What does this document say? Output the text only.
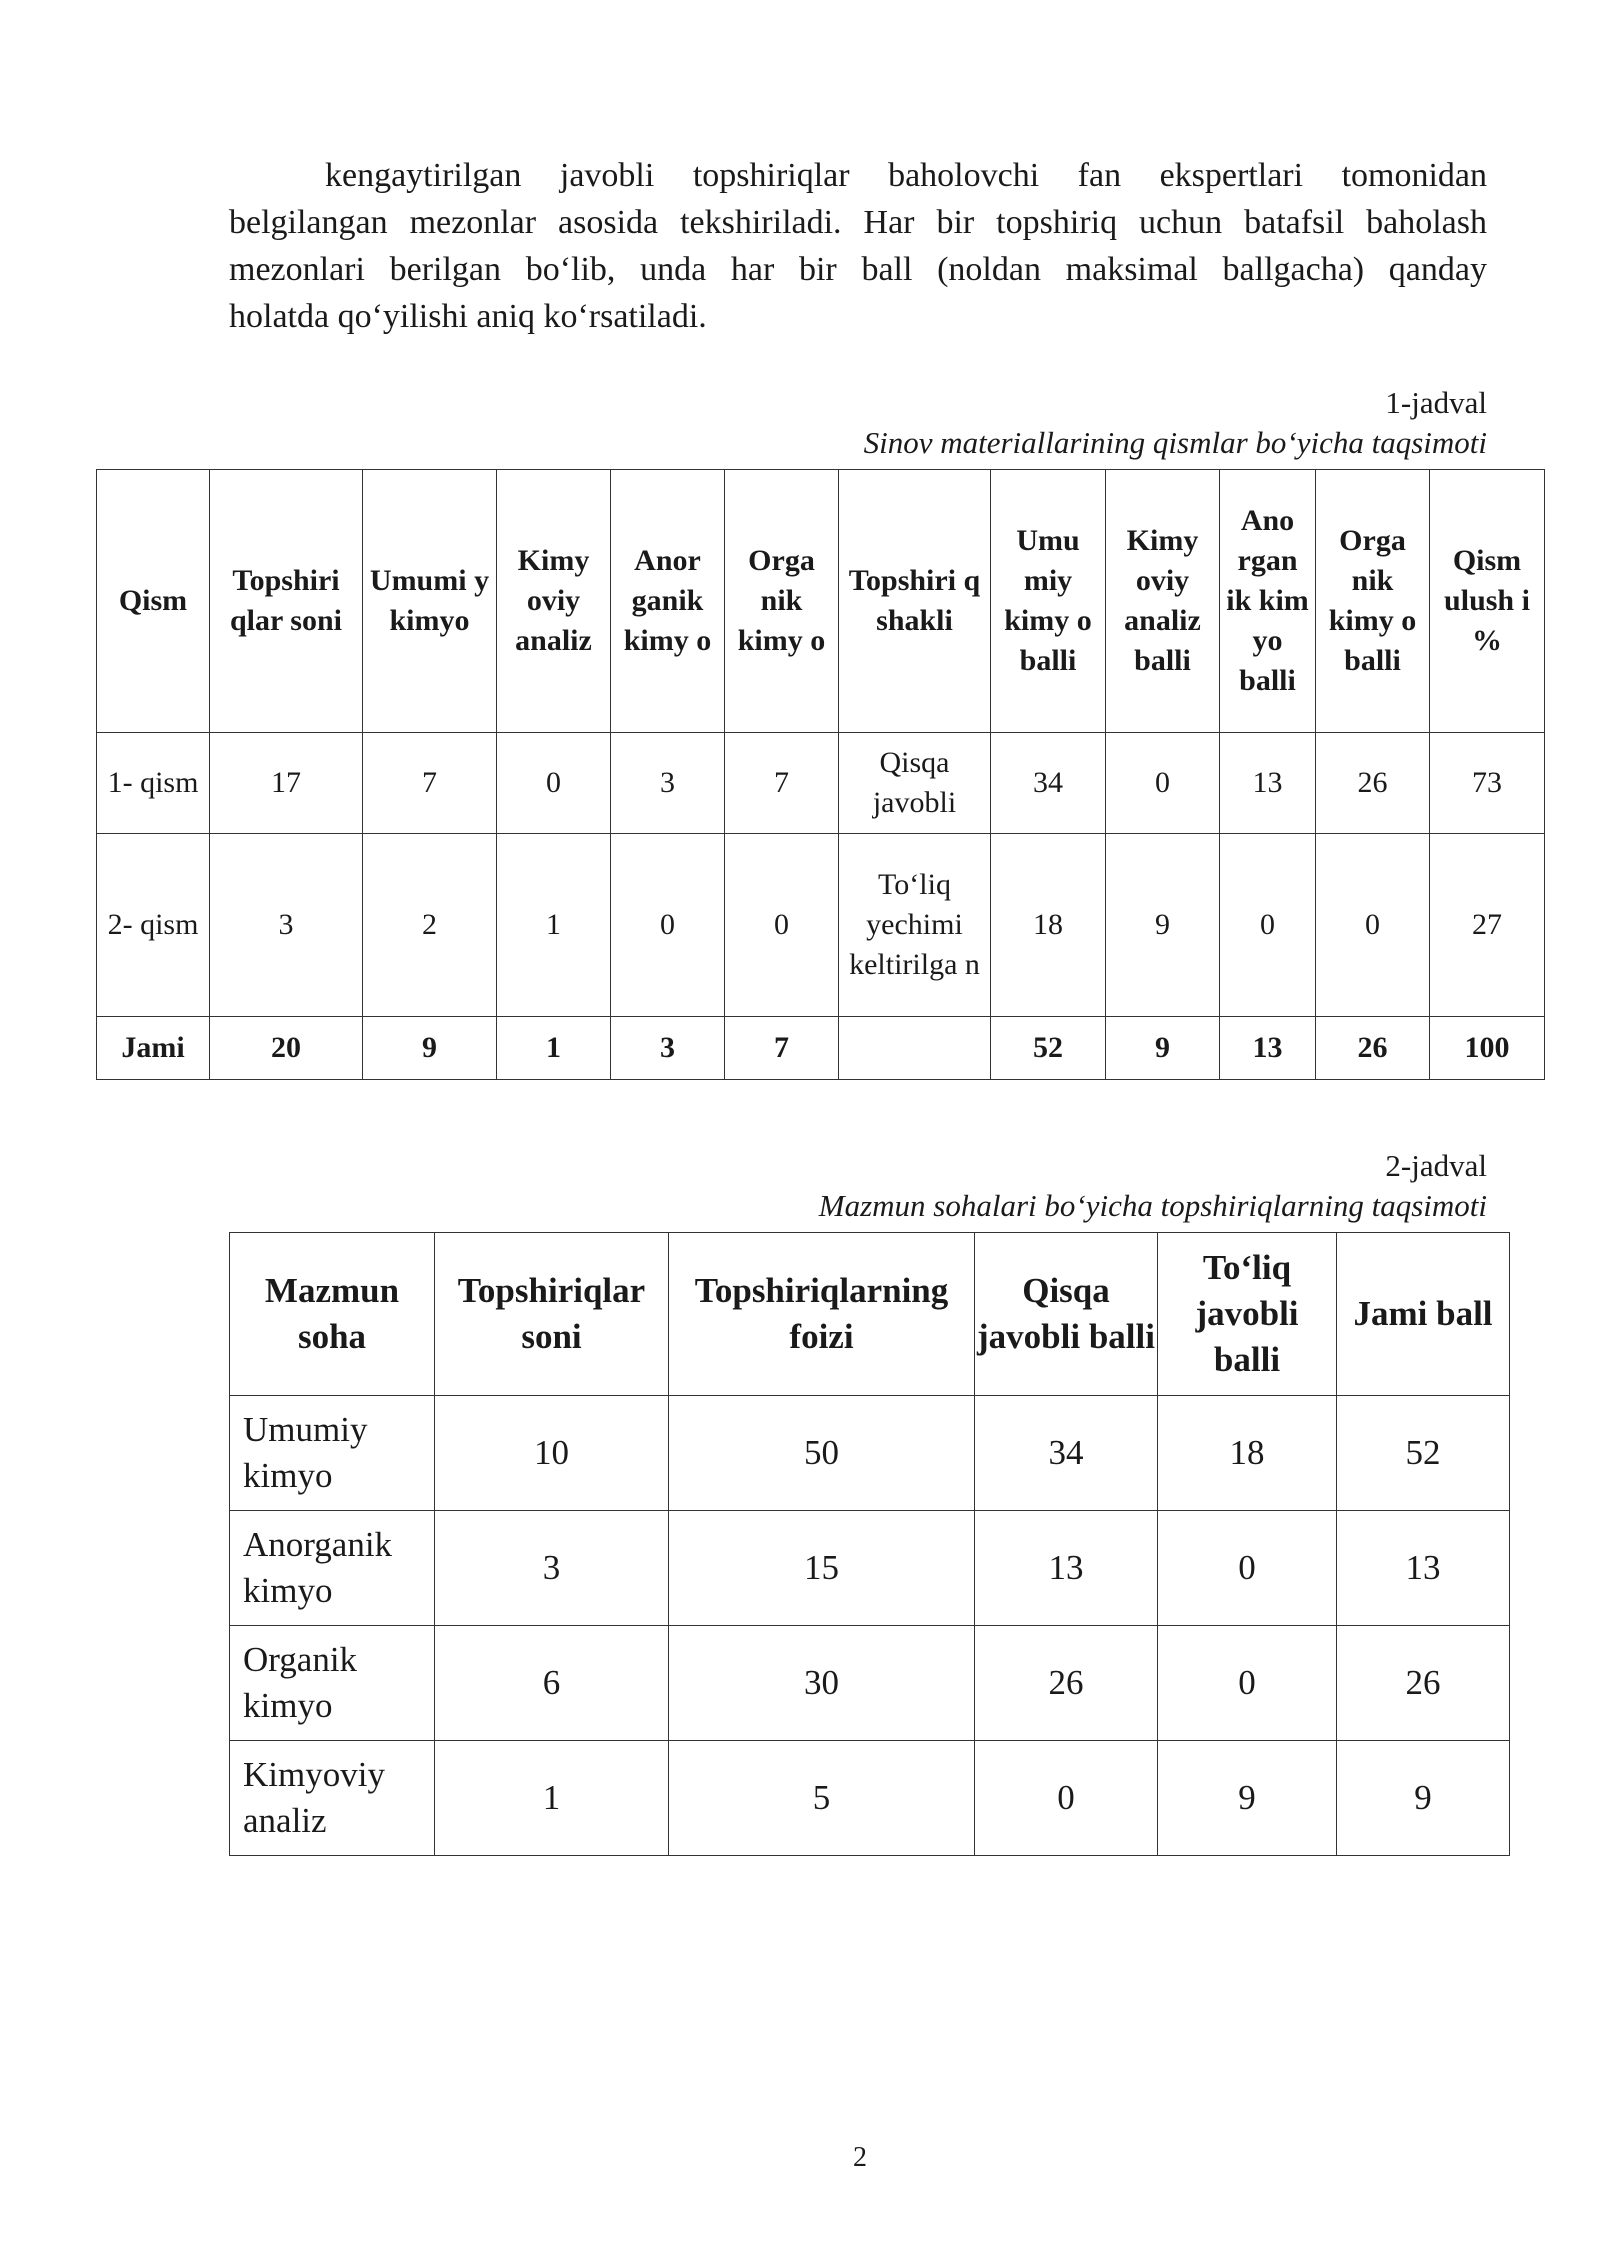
kengaytirilgan javobli topshiriqlar baholovchi fan ekspertlari tomonidan
belgilangan mezonlar asosida tekshiriladi. Har bir topshiriq uchun batafsil baholash
mezonlari berilgan bo‘lib, unda har bir ball (noldan maksimal ballgacha) qanday
holatda qo‘yilishi aniq ko‘rsatiladi.
1-jadval
Sinov materiallarining qismlar bo‘yicha taqsimoti
Qism	Topshiri qlar soni	Umumi y kimyo	Kimy oviy analiz	Anor ganik kimy o	Orga nik kimy o	Topshiri q shakli	Umu miy kimy o balli	Kimy oviy analiz balli	Ano rgan ik kim yo balli	Orga nik kimy o balli	Qism ulush i %
1- qism	17	7	0	3	7	Qisqa javobli	34	0	13	26	73
2- qism	3	2	1	0	0	To‘liq yechimi keltirilga n	18	9	0	0	27
Jami	20	9	1	3	7		52	9	13	26	100
2-jadval
Mazmun sohalari bo‘yicha topshiriqlarning taqsimoti
Mazmun soha	Topshiriqlar soni	Topshiriqlarning foizi	Qisqa javobli balli	To‘liq javobli balli	Jami ball
Umumiy kimyo	10	50	34	18	52
Anorganik kimyo	3	15	13	0	13
Organik kimyo	6	30	26	0	26
Kimyoviy analiz	1	5	0	9	9
2
